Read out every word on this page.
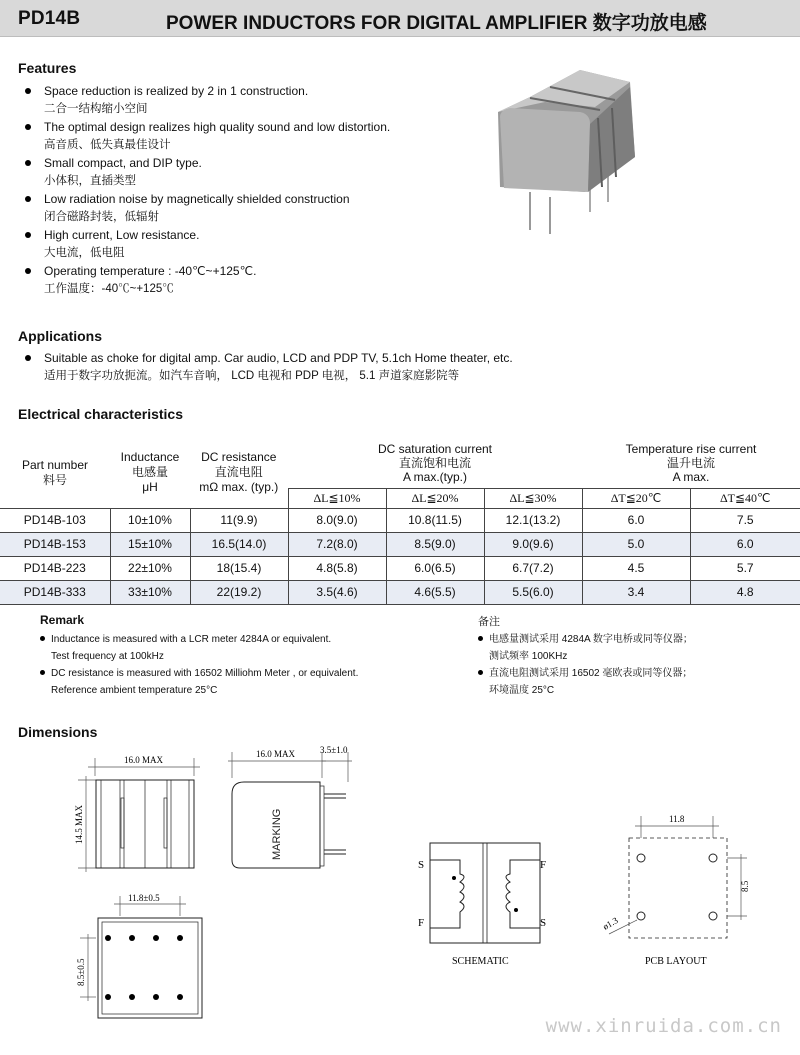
PD14B	POWER INDUCTORS FOR DIGITAL AMPLIFIER 数字功放电感
Features
Space reduction is realized by 2 in 1 construction.
二合一结构缩小空间
The optimal design realizes high quality sound and low distortion.
高音质、低失真最佳设计
Small compact, and DIP type.
小体积，直插类型
Low radiation noise by magnetically shielded construction
闭合磁路封装，低辐射
High current, Low resistance.
大电流，低电阻
Operating temperature : -40℃~+125℃.
工作温度：-40℃~+125℃
Applications
Suitable as choke for digital amp. Car audio, LCD and PDP TV, 5.1ch Home theater, etc.
适用于数字功放扼流。如汽车音响， LCD 电视和 PDP 电视， 5.1 声道家庭影院等
Electrical characteristics
Part number
料号	Inductance
电感量
μH	DC resistance
直流电阻
mΩ max. (typ.)	DC saturation current
直流饱和电流
A max.(typ.)			Temperature rise current
温升电流
A max.	
			ΔL≦10%	ΔL≦20%	ΔL≦30%	ΔT≦20℃	ΔT≦40℃
PD14B-103	10±10%	11(9.9)	8.0(9.0)	10.8(11.5)	12.1(13.2)	6.0	7.5
PD14B-153	15±10%	16.5(14.0)	7.2(8.0)	8.5(9.0)	9.0(9.6)	5.0	6.0
PD14B-223	22±10%	18(15.4)	4.8(5.8)	6.0(6.5)	6.7(7.2)	4.5	5.7
PD14B-333	33±10%	22(19.2)	3.5(4.6)	4.6(5.5)	5.5(6.0)	3.4	4.8

Remark	备注
Inductance is measured with a LCR meter 4284A or equivalent.
Test frequency at 100kHz
DC resistance is measured with 16502 Milliohm Meter , or equivalent.
Reference ambient temperature 25°C
电感量测试采用 4284A 数字电桥或同等仪器；
测试频率 100KHz
直流电阻测试采用 16502 毫欧表或同等仪器；
环境温度 25°C
Dimensions
16.0 MAX
14.5 MAX
16.0 MAX	3.5±1.0
MARKING
11.8±0.5
8.5±0.5
S
F
F
S
SCHEMATIC
11.8
8.5
ø1.3
PCB LAYOUT
www.xinruida.com.cn
